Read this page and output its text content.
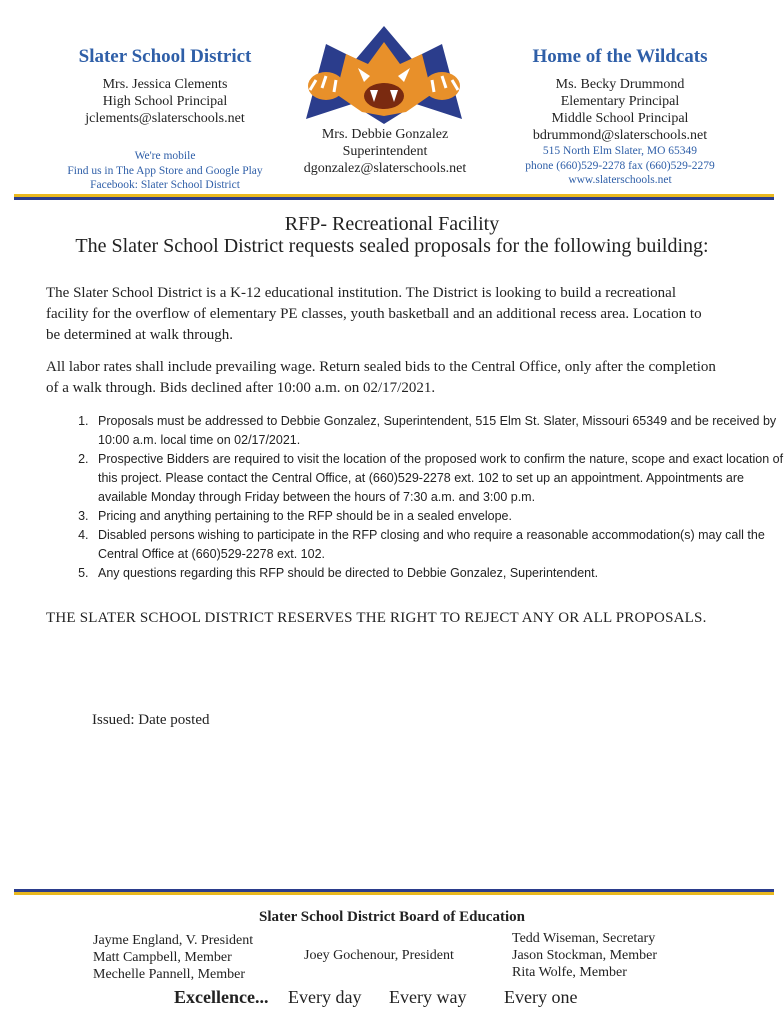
Slater School District
Mrs. Jessica Clements
High School Principal
jclements@slaterschools.net
We're mobile
Find us in The App Store and Google Play
Facebook: Slater School District
Mrs. Debbie Gonzalez
Superintendent
dgonzalez@slaterschools.net
Home of the Wildcats
Ms. Becky Drummond
Elementary Principal
Middle School Principal
bdrummond@slaterschools.net
515 North Elm Slater, MO 65349
phone (660)529-2278 fax (660)529-2279
www.slaterschools.net
RFP- Recreational Facility
The Slater School District requests sealed proposals for the following building:
The Slater School District is a K-12 educational institution. The District is looking to build a recreational
facility for the overflow of elementary PE classes, youth basketball and an additional recess area. Location to
be determined at walk through.
All labor rates shall include prevailing wage. Return sealed bids to the Central Office, only after the completion
of a walk through. Bids declined after 10:00 a.m. on 02/17/2021.
1. Proposals must be addressed to Debbie Gonzalez, Superintendent, 515 Elm St. Slater, Missouri 65349 and be received by 10:00 a.m. local time on 02/17/2021.
2. Prospective Bidders are required to visit the location of the proposed work to confirm the nature, scope and exact location of this project. Please contact the Central Office, at (660)529-2278 ext. 102 to set up an appointment. Appointments are available Monday through Friday between the hours of 7:30 a.m. and 3:00 p.m.
3. Pricing and anything pertaining to the RFP should be in a sealed envelope.
4. Disabled persons wishing to participate in the RFP closing and who require a reasonable accommodation(s) may call the Central Office at (660)529-2278 ext. 102.
5. Any questions regarding this RFP should be directed to Debbie Gonzalez, Superintendent.
THE SLATER SCHOOL DISTRICT RESERVES THE RIGHT TO REJECT ANY OR ALL PROPOSALS.
Issued: Date posted
Slater School District Board of Education
Jayme England, V. President
Matt Campbell, Member
Mechelle Pannell, Member
Joey Gochenour, President
Tedd Wiseman, Secretary
Jason Stockman, Member
Rita Wolfe, Member
Excellence... Every day Every way Every one
